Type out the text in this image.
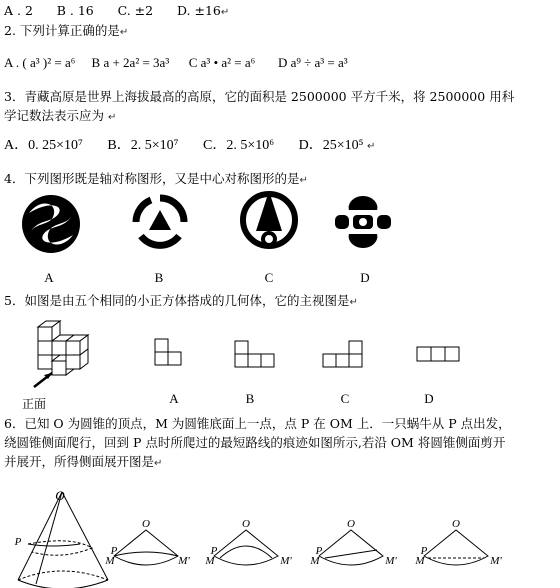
A . 2 B . 16 C. ±2 D. ±16↵
2. 下列计算正确的是↵
A . ( a³ )² = a⁶ B a + 2a² = 3a³ C a³ • a² = a⁶ D a⁹ ÷ a³ = a³
3．青藏高原是世界上海拔最高的高原，它的面积是 2500000 平方千米，将 2500000 用科
学记数法表示应为 ↵
A．0. 25×10⁷ B．2. 5×10⁷ C．2. 5×10⁶ D．25×10⁵ ↵
4．下列图形既是轴对称图形，又是中心对称图形的是↵
A	B	C	D
5．如图是由五个相同的小正方体搭成的几何体，它的主视图是↵
正面	A	B	C	D
6．已知 O 为圆锥的顶点，M 为圆锥底面上一点，点 P 在 OM 上．一只蜗牛从 P 点出发，
绕圆锥侧面爬行，回到 P 点时所爬过的最短路线的痕迹如图所示,若沿 OM 将圆锥侧面剪开
并展开，所得侧面展开图是↵
O
P
O
P
M	M'
O
P
M	M'
O
P
M	M'
O
P
M	M'
